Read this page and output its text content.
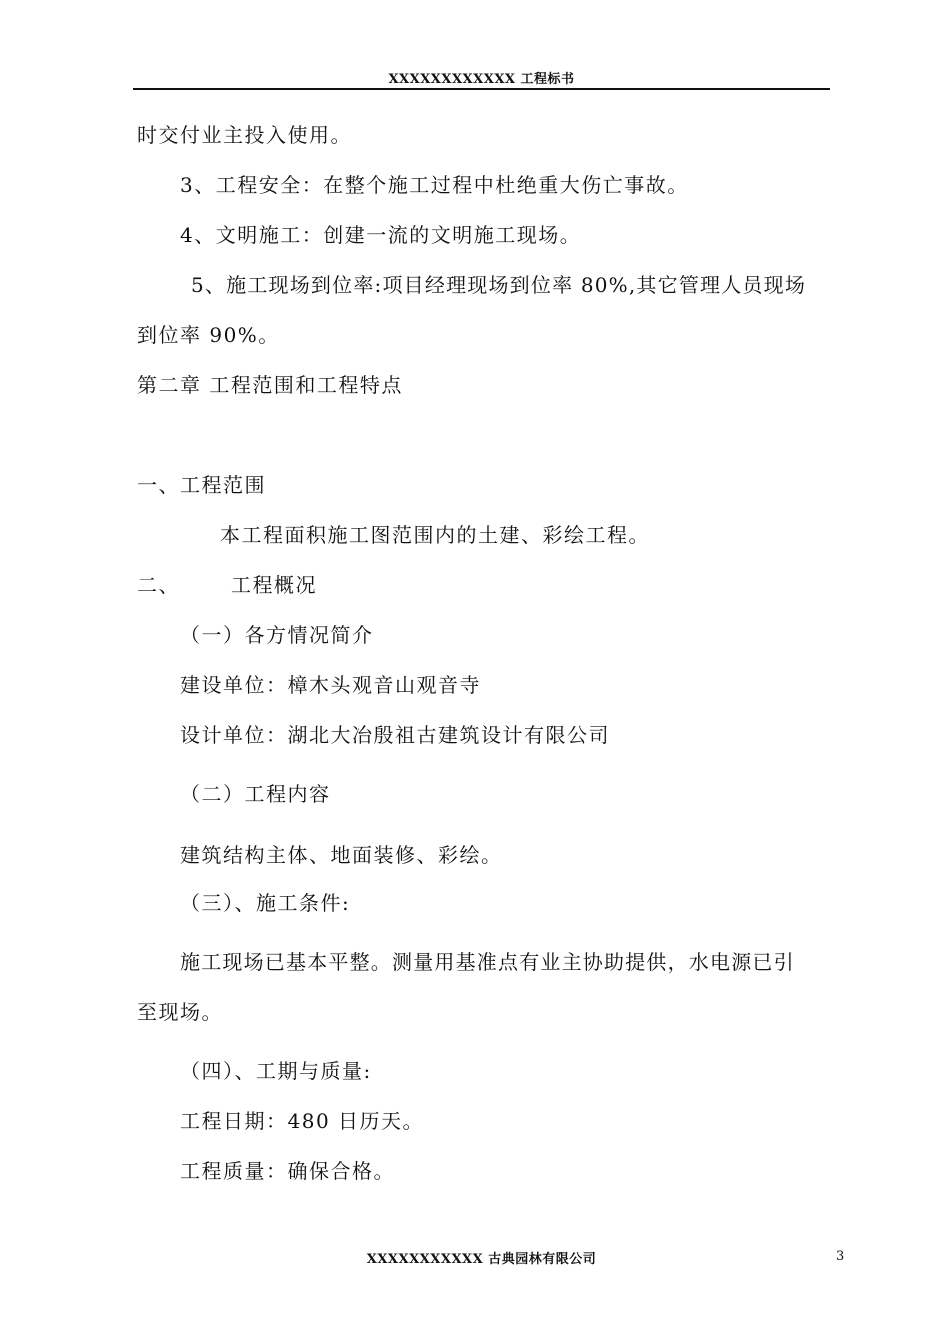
XXXXXXXXXXXX 工程标书
时交付业主投入使用。
3、工程安全：在整个施工过程中杜绝重大伤亡事故。
4、文明施工：创建一流的文明施工现场。
5、施工现场到位率:项目经理现场到位率 80%,其它管理人员现场
到位率 90%。
第二章 工程范围和工程特点
一、工程范围
本工程面积施工图范围内的土建、彩绘工程。
二、	工程概况
（一）各方情况简介
建设单位：樟木头观音山观音寺
设计单位：湖北大冶殷祖古建筑设计有限公司
（二）工程内容
建筑结构主体、地面装修、彩绘。
（三）、施工条件:
施工现场已基本平整。测量用基准点有业主协助提供，水电源已引
至现场。
（四）、工期与质量:
工程日期：480 日历天。
工程质量：确保合格。
XXXXXXXXXXX 古典园林有限公司	3
